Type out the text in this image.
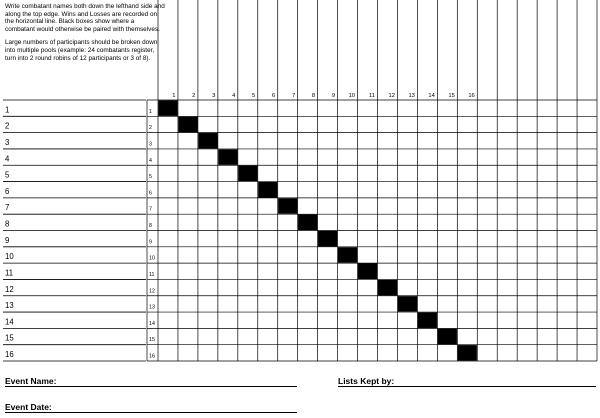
Write combatant names both down the lefthand side and along the top edge. Wins and Losses are recorded on the horizontal line. Black boxes show where a combatant would otherwise be paired with themselves.

Large numbers of participants should be broken down into multiple pools (example: 24 combatants register, turn into 2 round robins of 12 participants or 3 of 8).

1	2	3	4	5	6	7	8	9 10 11 12 13 14 15 16
1	1
2	2
3	3
4	4
5	5
6	6
7	7
8	8
9	9
10	10
11	11
12	12
13	13
14	14
15	15
16	16
Event Name:	Lists Kept by:
Event Date:
